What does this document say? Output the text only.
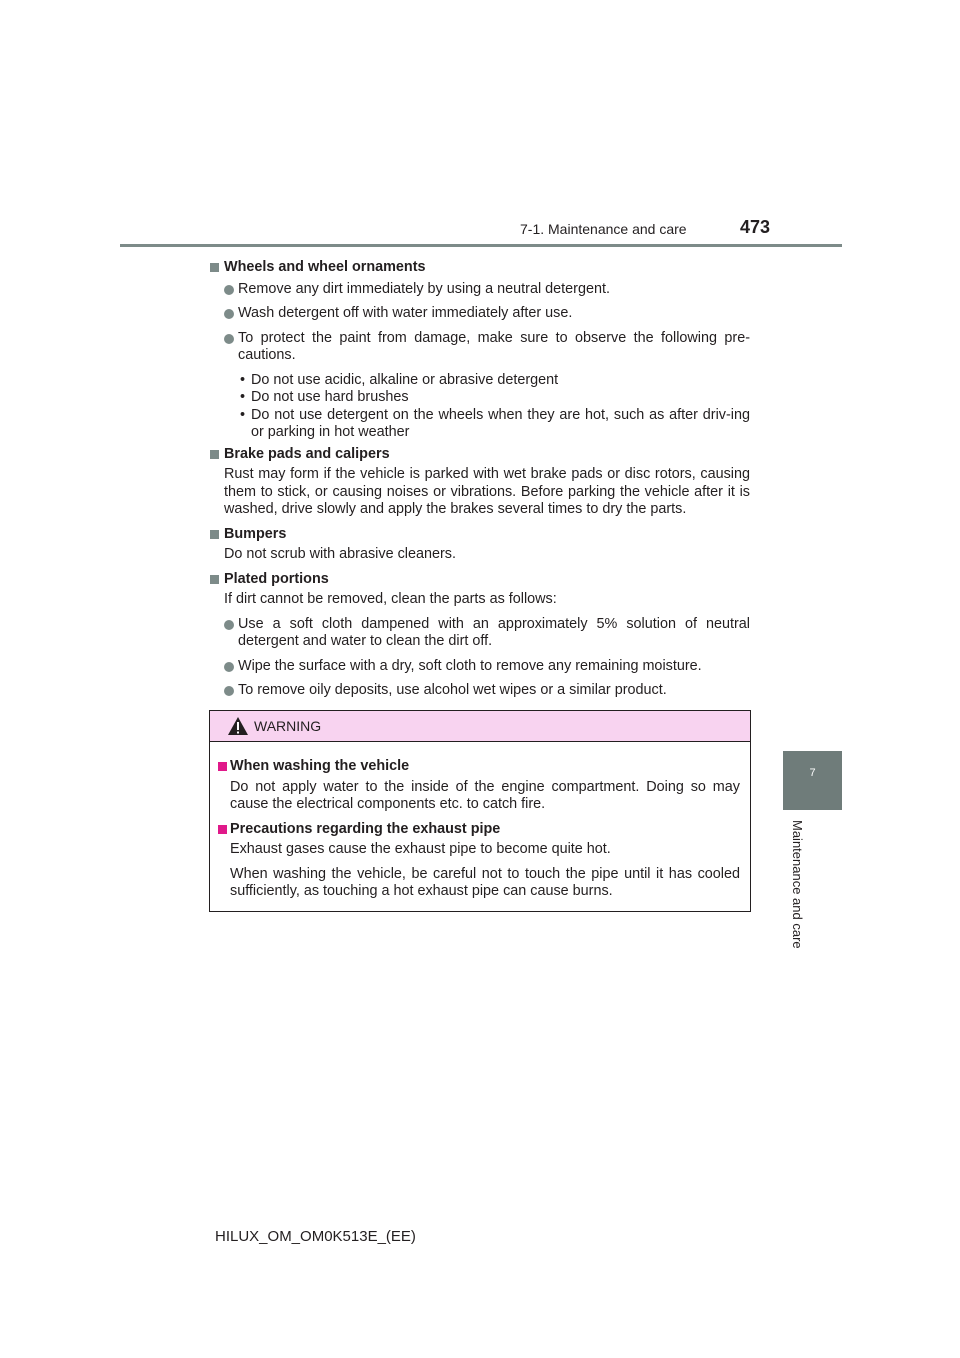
7-1. Maintenance and care	473
7
Maintenance and care

Wheels and wheel ornaments

Remove any dirt immediately by using a neutral detergent.

Wash detergent off with water immediately after use.

To protect the paint from damage, make sure to observe the following pre-cautions.

• Do not use acidic, alkaline or abrasive detergent

• Do not use hard brushes

• Do not use detergent on the wheels when they are hot, such as after driv-ing or parking in hot weather

Brake pads and calipers

Rust may form if the vehicle is parked with wet brake pads or disc rotors, causing them to stick, or causing noises or vibrations. Before parking the vehicle after it is washed, drive slowly and apply the brakes several times to dry the parts.

Bumpers

Do not scrub with abrasive cleaners.

Plated portions

If dirt cannot be removed, clean the parts as follows:

Use a soft cloth dampened with an approximately 5% solution of neutral detergent and water to clean the dirt off.

Wipe the surface with a dry, soft cloth to remove any remaining moisture.

To remove oily deposits, use alcohol wet wipes or a similar product.

WARNING

When washing the vehicle

Do not apply water to the inside of the engine compartment. Doing so may cause the electrical components etc. to catch fire.

Precautions regarding the exhaust pipe

Exhaust gases cause the exhaust pipe to become quite hot.

When washing the vehicle, be careful not to touch the pipe until it has cooled sufficiently, as touching a hot exhaust pipe can cause burns.

HILUX_OM_OM0K513E_(EE)
